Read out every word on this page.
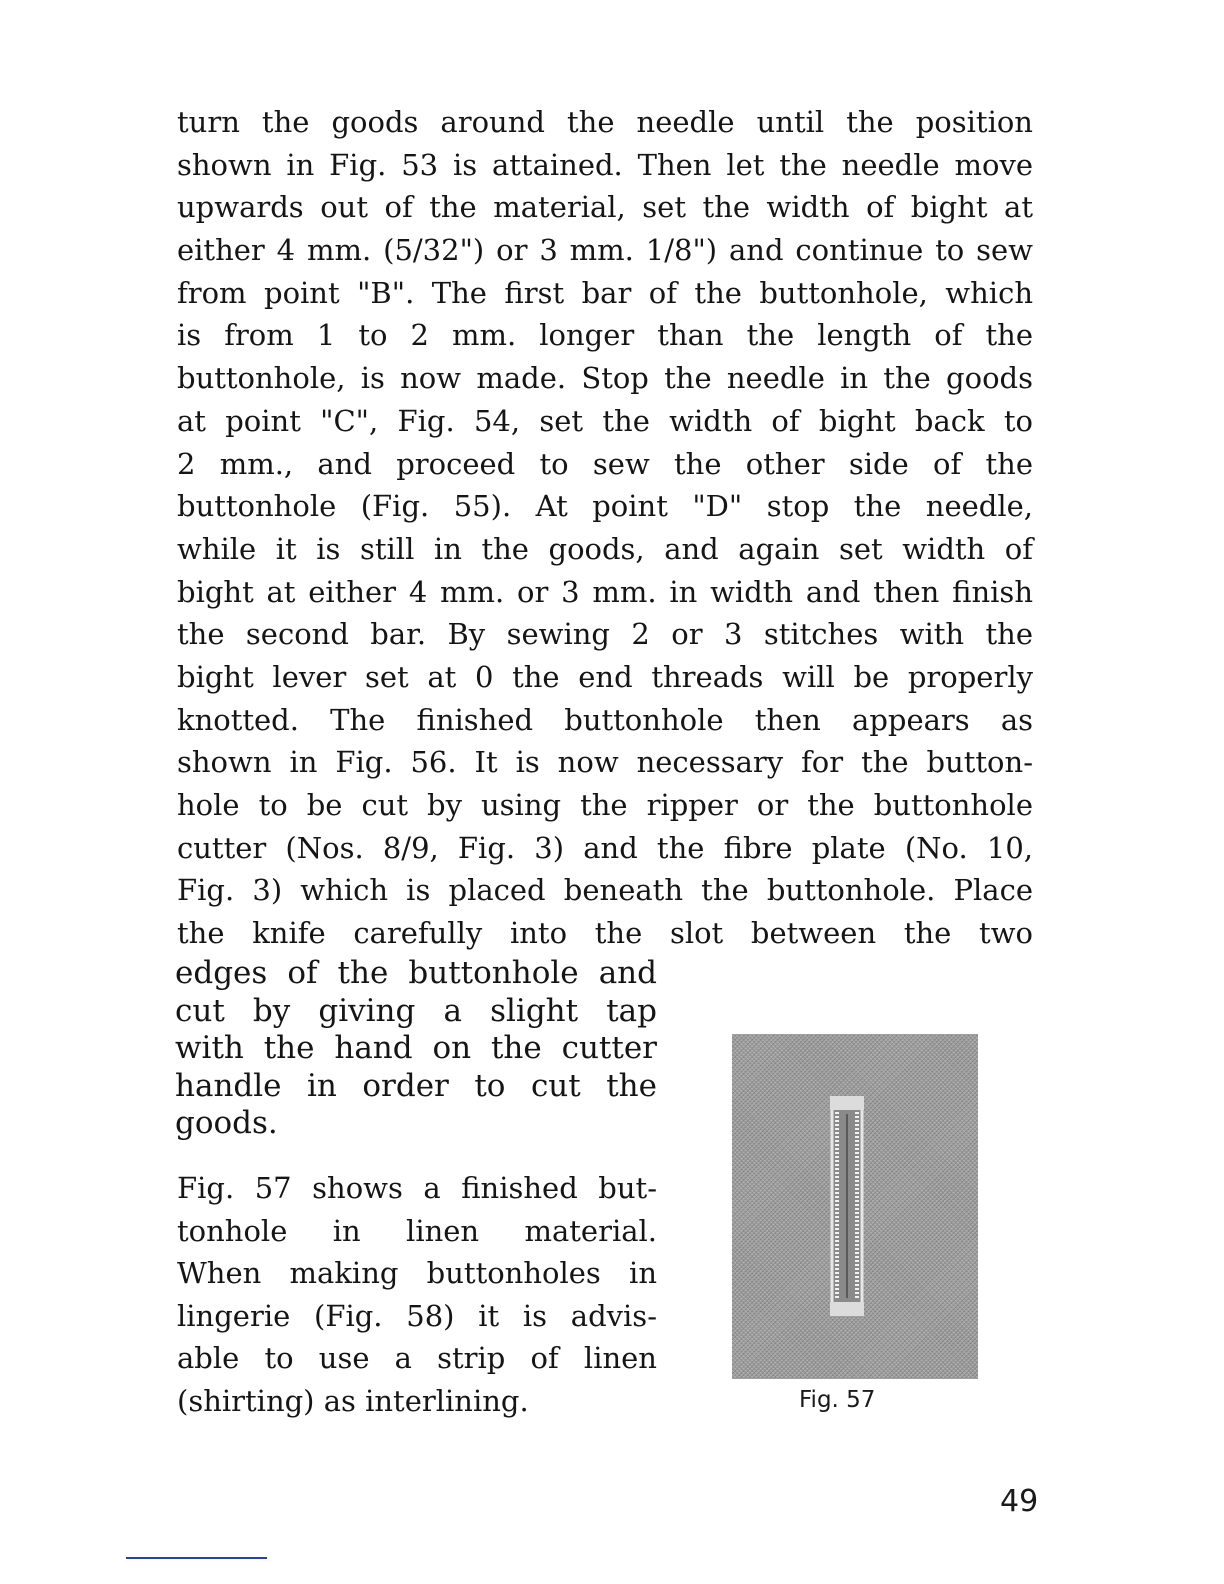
turn the goods around the needle until the position
shown in Fig. 53 is attained. Then let the needle move
upwards out of the material, set the width of bight at
either 4 mm. (5/32") or 3 mm. 1/8") and continue to sew
from point "B". The first bar of the buttonhole, which
is from 1 to 2 mm. longer than the length of the
buttonhole, is now made. Stop the needle in the goods
at point "C", Fig. 54, set the width of bight back to
2 mm., and proceed to sew the other side of the
buttonhole (Fig. 55). At point "D" stop the needle,
while it is still in the goods, and again set width of
bight at either 4 mm. or 3 mm. in width and then finish
the second bar. By sewing 2 or 3 stitches with the
bight lever set at 0 the end threads will be properly
knotted. The finished buttonhole then appears as
shown in Fig. 56. It is now necessary for the button-
hole to be cut by using the ripper or the buttonhole
cutter (Nos. 8/9, Fig. 3) and the fibre plate (No. 10,
Fig. 3) which is placed beneath the buttonhole. Place
the knife carefully into the slot between the two
edges of the buttonhole and
cut by giving a slight tap
with the hand on the cutter
handle in order to cut the
goods.
Fig. 57 shows a finished but-
tonhole in linen material.
When making buttonholes in
lingerie (Fig. 58) it is advis-
able to use a strip of linen
(shirting) as interlining.	Fig. 57
49
